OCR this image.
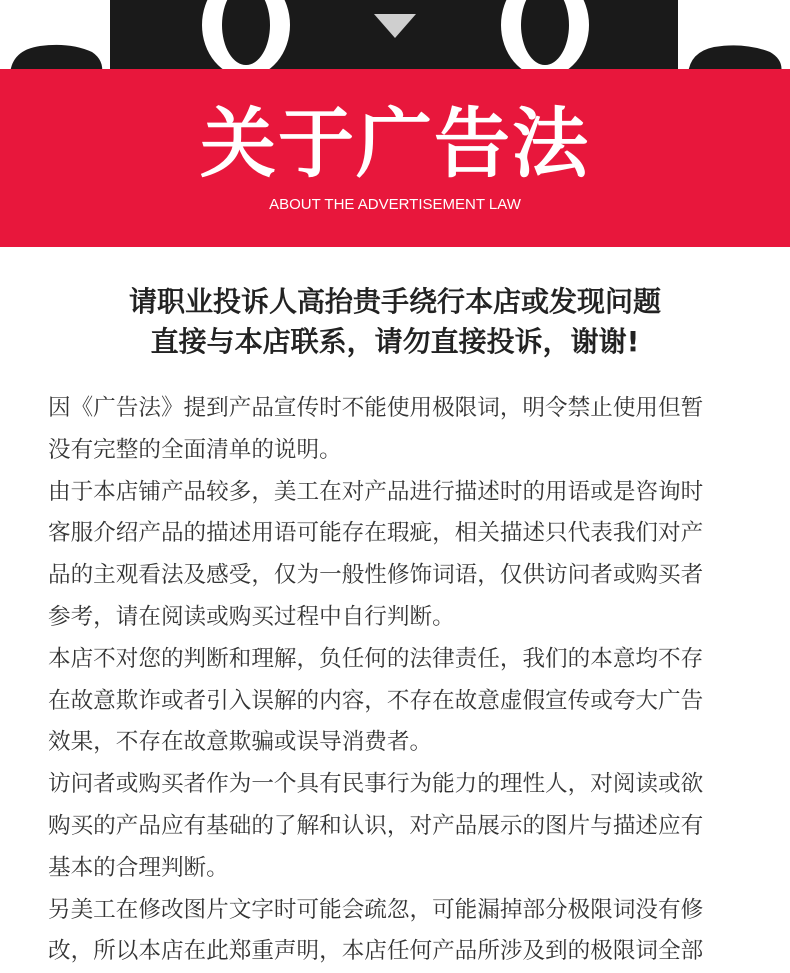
关于广告法
ABOUT THE ADVERTISEMENT LAW
请职业投诉人高抬贵手绕行本店或发现问题
直接与本店联系，请勿直接投诉，谢谢!
因《广告法》提到产品宣传时不能使用极限词，明令禁止使用但暂
没有完整的全面清单的说明。
由于本店铺产品较多，美工在对产品进行描述时的用语或是咨询时
客服介绍产品的描述用语可能存在瑕疵，相关描述只代表我们对产
品的主观看法及感受，仅为一般性修饰词语，仅供访问者或购买者
参考，请在阅读或购买过程中自行判断。
本店不对您的判断和理解，负任何的法律责任，我们的本意均不存
在故意欺诈或者引入误解的内容，不存在故意虚假宣传或夸大广告
效果，不存在故意欺骗或误导消费者。
访问者或购买者作为一个具有民事行为能力的理性人，对阅读或欲
购买的产品应有基础的了解和认识，对产品展示的图片与描述应有
基本的合理判断。
另美工在修改图片文字时可能会疏忽，可能漏掉部分极限词没有修
改，所以本店在此郑重声明，本店任何产品所涉及到的极限词全部
